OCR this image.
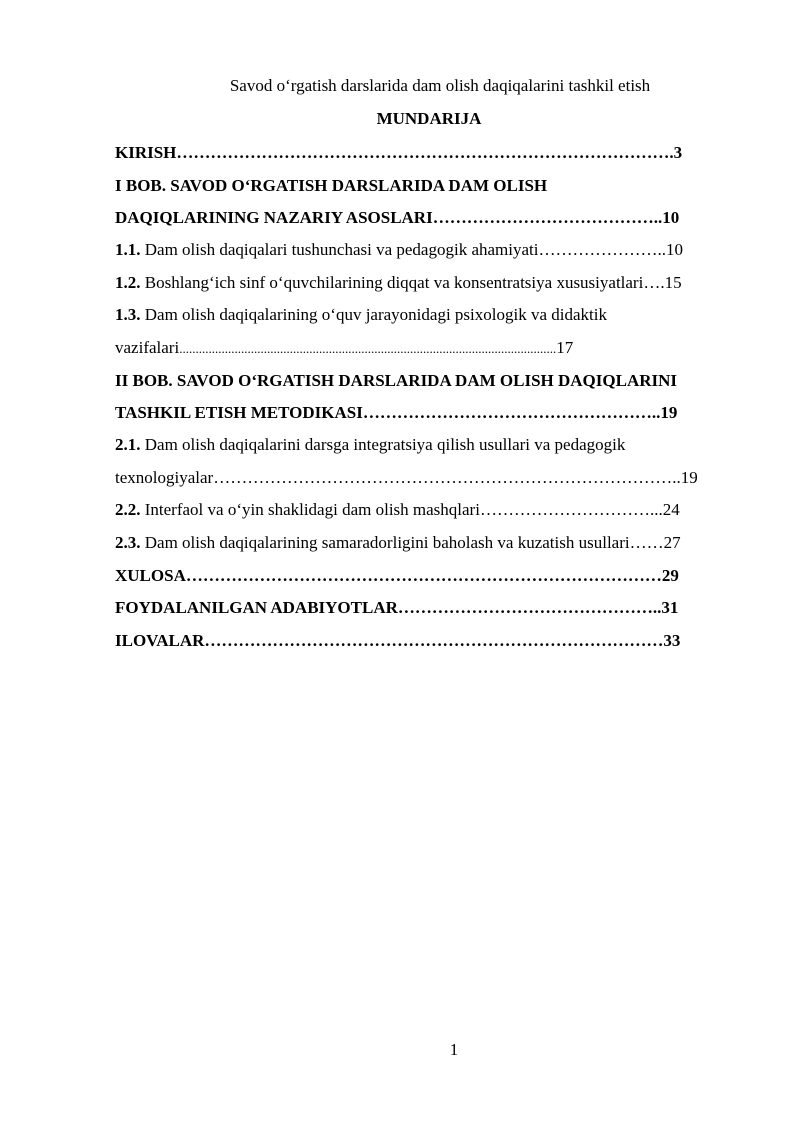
Savod o‘rgatish darslarida dam olish daqiqalarini tashkil etish
MUNDARIJA
KIRISH…………………………………………………………………………….3
I BOB. SAVOD O‘RGATISH DARSLARIDA DAM OLISH
DAQIQLARINING NAZARIY ASOSLARI…………………………………..10
1.1. Dam olish daqiqalari tushunchasi va pedagogik ahamiyati…………………..10
1.2. Boshlang‘ich sinf o‘quvchilarining diqqat va konsentratsiya xususiyatlari….15
1.3. Dam olish daqiqalarining o‘quv jarayonidagi psixologik va didaktik
vazifalari....................................................................................................................17
II BOB. SAVOD O‘RGATISH DARSLARIDA DAM OLISH DAQIQLARINI
TASHKIL ETISH METODIKASI……………………………………………..19
2.1. Dam olish daqiqalarini darsga integratsiya qilish usullari va pedagogik
texnologiyalar………………………………………………………………………..19
2.2. Interfaol va o‘yin shaklidagi dam olish mashqlari…………………………...24
2.3. Dam olish daqiqalarining samaradorligini baholash va kuzatish usullari……27
XULOSA…………………………………………………………………………29
FOYDALANILGAN ADABIYOTLAR………………………………………..31
ILOVALAR………………………………………………………………………33
1
